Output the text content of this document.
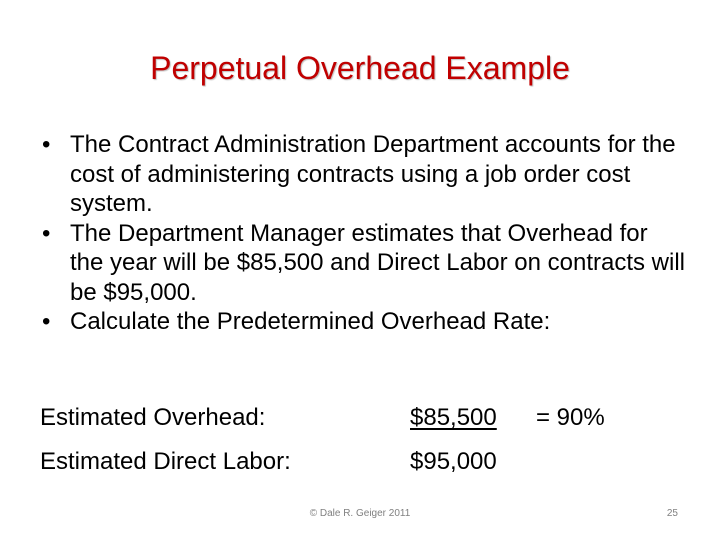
Perpetual Overhead Example
• The Contract Administration Department accounts for the cost of administering contracts using a job order cost system.
• The Department Manager estimates that Overhead for the year will be $85,500 and Direct Labor on contracts will be $95,000.
• Calculate the Predetermined Overhead Rate:
Estimated Overhead:	$85,500 = 90%
Estimated Direct Labor:	$95,000
© Dale R. Geiger 2011	25
